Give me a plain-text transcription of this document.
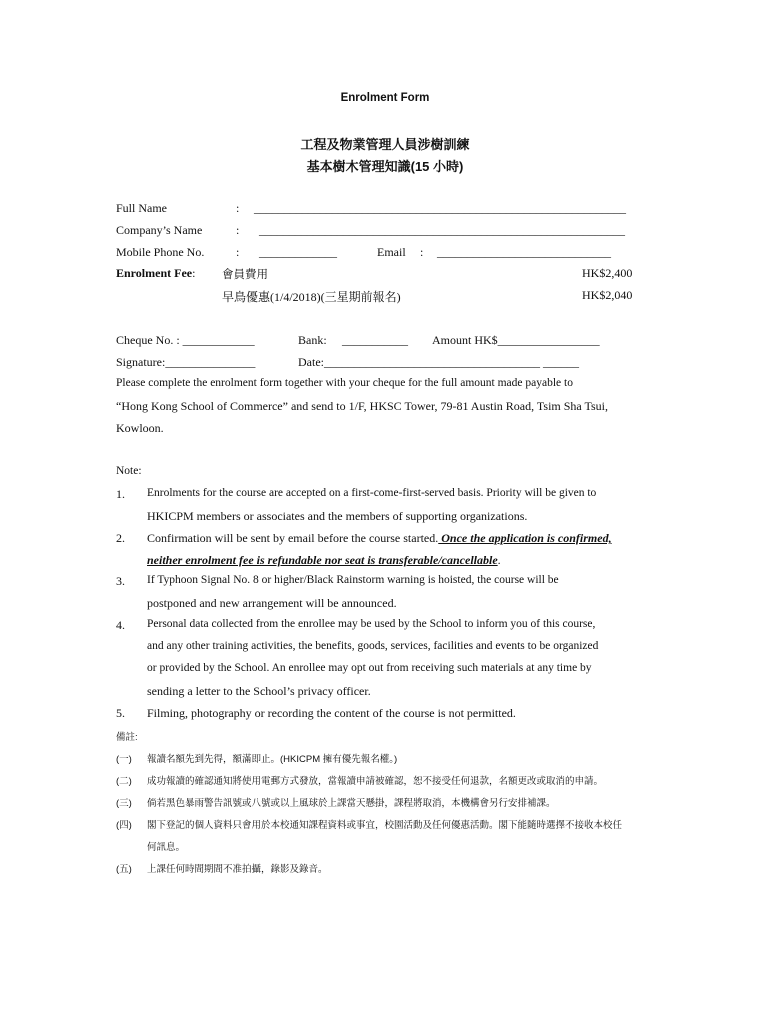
Enrolment Form
工程及物業管理人員涉樹訓練
基本樹木管理知識(15 小時)
Full Name	: ______________________________________________________________
Company’s Name	: _____________________________________________________________
Mobile Phone No.	: _____________	Email : _____________________________
Enrolment Fee: 會員費用	HK$2,400
早鳥優惠(1/4/2018)(三星期前報名)	HK$2,040
Cheque No. : ____________	Bank: ___________ Amount HK$_________________
Signature:_______________	Date:____________________________________ ______
Please complete the enrolment form together with your cheque for the full amount made payable to
“Hong Kong School of Commerce” and send to 1/F, HKSC Tower, 79-81 Austin Road, Tsim Sha Tsui,
Kowloon.
Note:
1. Enrolments for the course are accepted on a first-come-first-served basis. Priority will be given to
HKICPM members or associates and the members of supporting organizations.
2. Confirmation will be sent by email before the course started. Once the application is confirmed,
neither enrolment fee is refundable nor seat is transferable/cancellable.
3. If Typhoon Signal No. 8 or higher/Black Rainstorm warning is hoisted, the course will be
postponed and new arrangement will be announced.
4. Personal data collected from the enrollee may be used by the School to inform you of this course,
and any other training activities, the benefits, goods, services, facilities and events to be organized
or provided by the School. An enrollee may opt out from receiving such materials at any time by
sending a letter to the School’s privacy officer.
5. Filming, photography or recording the content of the course is not permitted.
備註:
(一) 報讀名額先到先得，額滿即止。(HKICPM 擁有優先報名權。)
(二) 成功報讀的確認通知將使用電郵方式發放，當報讀申請被確認，恕不接受任何退款，名額更改或取消的申請。
(三) 倘若黑色暴雨警告訊號或八號或以上風球於上課當天懸掛，課程將取消，本機構會另行安排補課。
(四) 閣下登記的個人資料只會用於本校通知課程資料或事宜，校園活動及任何優惠活動。閣下能隨時選擇不接收本校任
何訊息。
(五) 上課任何時間期間不准拍攝，錄影及錄音。
